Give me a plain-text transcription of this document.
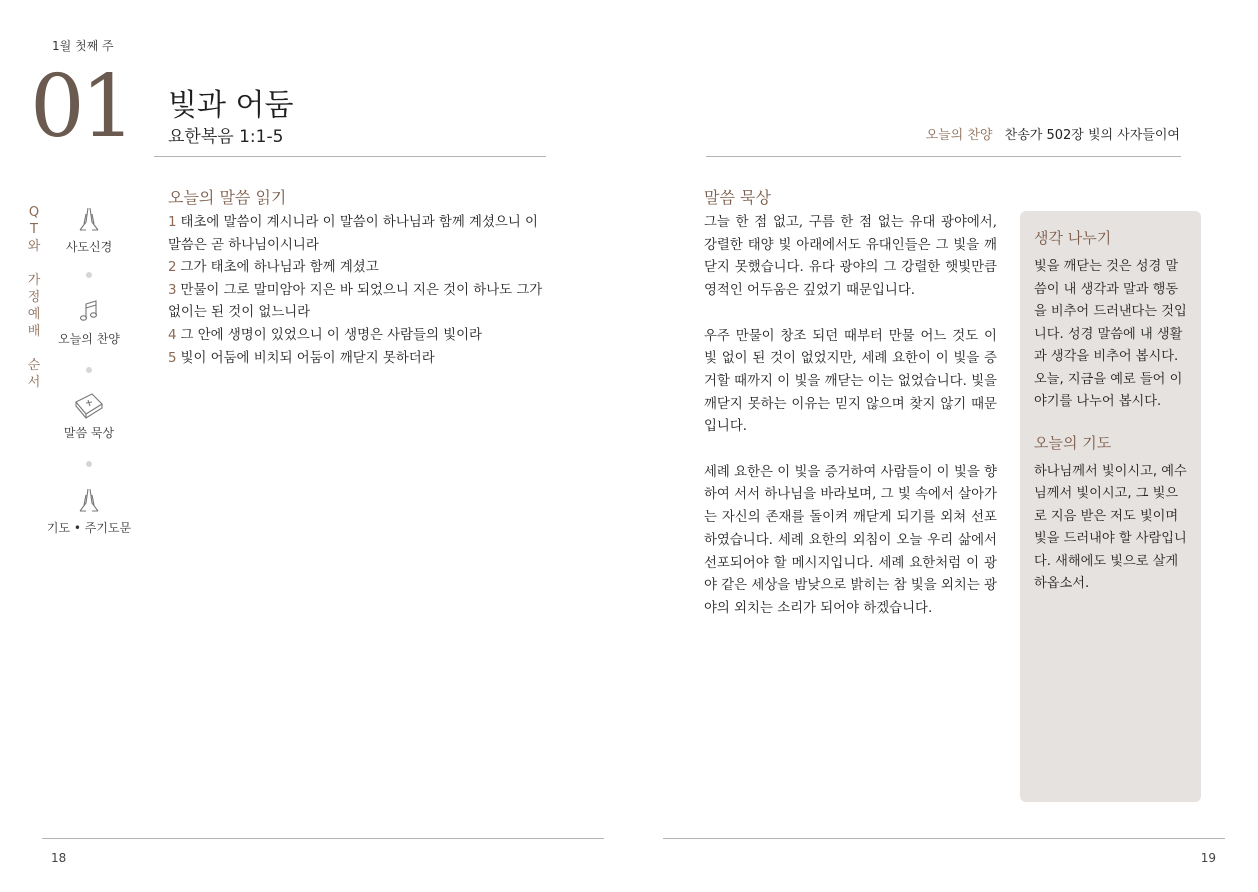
1월 첫째 주
01 빛과 어둠
요한복음 1:1-5	오늘의 찬양 찬송가 502장 빛의 사자들이여
Q
T
와

가
정
예
배

순
서
사도신경
오늘의 찬양
말씀 묵상
기도 • 주기도문
오늘의 말씀 읽기
1 태초에 말씀이 계시니라 이 말씀이 하나님과 함께 계셨으니 이 말씀은 곧 하나님이시니라
2 그가 태초에 하나님과 함께 계셨고
3 만물이 그로 말미암아 지은 바 되었으니 지은 것이 하나도 그가 없이는 된 것이 없느니라
4 그 안에 생명이 있었으니 이 생명은 사람들의 빛이라
5 빛이 어둠에 비치되 어둠이 깨닫지 못하더라
말씀 묵상

그늘 한 점 없고, 구름 한 점 없는 유대 광야에서, 강렬한 태양 빛 아래에서도 유대인들은 그 빛을 깨닫지 못했습니다. 유다 광야의 그 강렬한 햇빛만큼 영적인 어두움은 깊었기 때문입니다.

우주 만물이 창조 되던 때부터 만물 어느 것도 이 빛 없이 된 것이 없었지만, 세례 요한이 이 빛을 증거할 때까지 이 빛을 깨닫는 이는 없었습니다. 빛을 깨닫지 못하는 이유는 믿지 않으며 찾지 않기 때문입니다.

세례 요한은 이 빛을 증거하여 사람들이 이 빛을 향하여 서서 하나님을 바라보며, 그 빛 속에서 살아가는 자신의 존재를 돌이켜 깨닫게 되기를 외쳐 선포하였습니다. 세례 요한의 외침이 오늘 우리 삶에서 선포되어야 할 메시지입니다. 세례 요한처럼 이 광야 같은 세상을 밤낮으로 밝히는 참 빛을 외치는 광야의 외치는 소리가 되어야 하겠습니다.

생각 나누기

빛을 깨닫는 것은 성경 말씀이 내 생각과 말과 행동을 비추어 드러낸다는 것입니다. 성경 말씀에 내 생활과 생각을 비추어 봅시다. 오늘, 지금을 예로 들어 이야기를 나누어 봅시다.

오늘의 기도

하나님께서 빛이시고, 예수님께서 빛이시고, 그 빛으로 지음 받은 저도 빛이며 빛을 드러내야 할 사람입니다. 새해에도 빛으로 살게 하옵소서.

18	19
